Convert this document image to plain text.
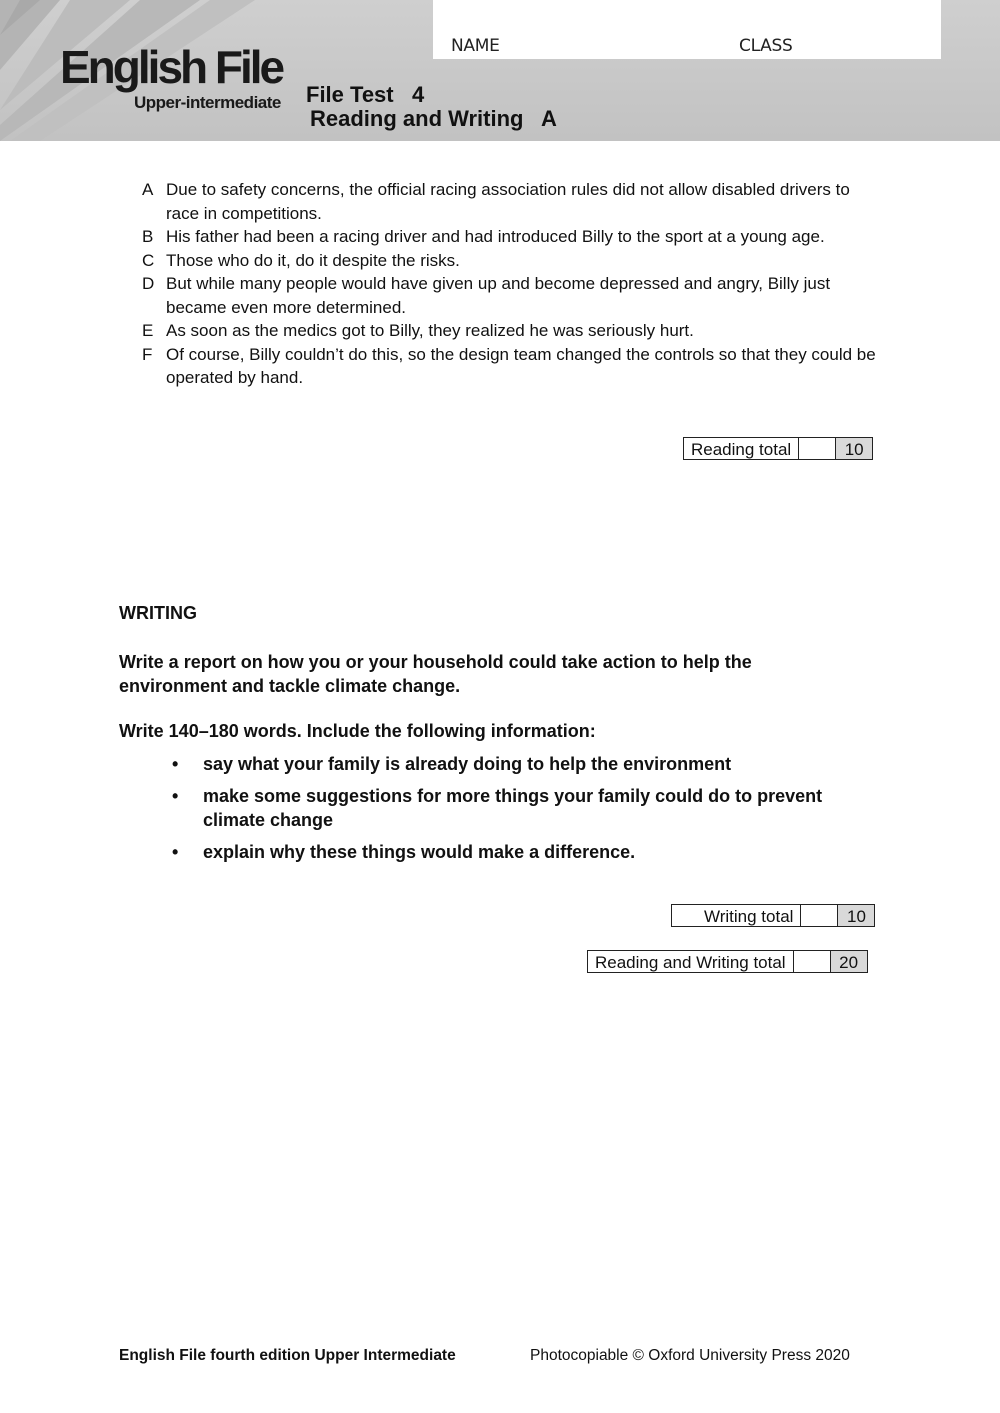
NAME	CLASS
English File
Upper-intermediate File Test   4
Reading and Writing   A
A Due to safety concerns, the official racing association rules did not allow disabled drivers to race in competitions.
B His father had been a racing driver and had introduced Billy to the sport at a young age.
C Those who do it, do it despite the risks.
D But while many people would have given up and become depressed and angry, Billy just became even more determined.
E As soon as the medics got to Billy, they realized he was seriously hurt.
F Of course, Billy couldn’t do this, so the design team changed the controls so that they could be operated by hand.
Reading total	10
WRITING
Write a report on how you or your household could take action to help the environment and tackle climate change.
Write 140–180 words. Include the following information:
•	say what your family is already doing to help the environment
•	make some suggestions for more things your family could do to prevent climate change
•	explain why these things would make a difference.
Writing total	10
Reading and Writing total	20
English File fourth edition Upper Intermediate	Photocopiable © Oxford University Press 2020
